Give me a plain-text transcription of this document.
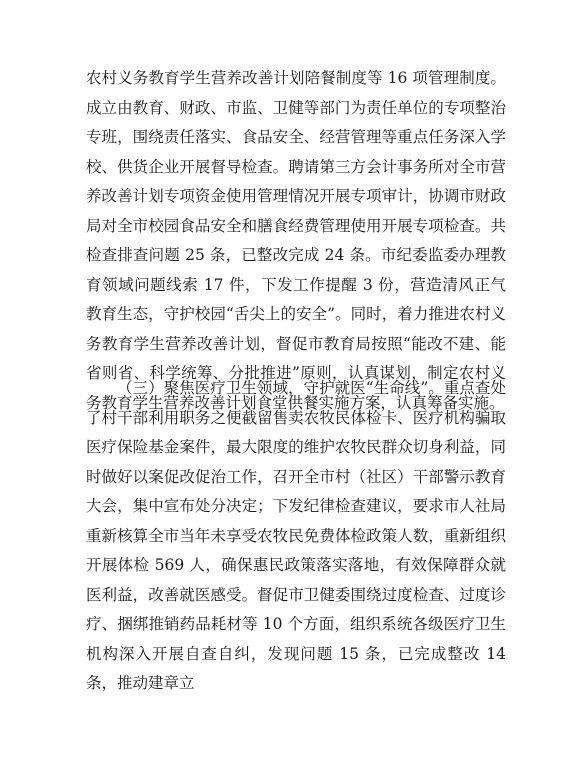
农村义务教育学生营养改善计划陪餐制度等 16 项管理制度。成立由教育、财政、市监、卫健等部门为责任单位的专项整治专班，围绕责任落实、食品安全、经营管理等重点任务深入学校、供货企业开展督导检查。聘请第三方会计事务所对全市营养改善计划专项资金使用管理情况开展专项审计，协调市财政局对全市校园食品安全和膳食经费管理使用开展专项检查。共检查排查问题 25 条，已整改完成 24 条。市纪委监委办理教育领域问题线索 17 件，下发工作提醒 3 份，营造清风正气教育生态，守护校园“舌尖上的安全”。同时，着力推进农村义务教育学生营养改善计划，督促市教育局按照“能改不建、能省则省、科学统筹、分批推进”原则，认真谋划，制定农村义务教育学生营养改善计划食堂供餐实施方案，认真筹备实施。

（三）聚焦医疗卫生领域，守护就医“生命线”。重点查处了村干部利用职务之便截留售卖农牧民体检卡、医疗机构骗取医疗保险基金案件，最大限度的维护农牧民群众切身利益，同时做好以案促改促治工作，召开全市村（社区）干部警示教育大会，集中宣布处分决定；下发纪律检查建议，要求市人社局重新核算全市当年未享受农牧民免费体检政策人数，重新组织开展体检 569 人，确保惠民政策落实落地，有效保障群众就医利益，改善就医感受。督促市卫健委围绕过度检查、过度诊疗、捆绑推销药品耗材等 10 个方面，组织系统各级医疗卫生机构深入开展自查自纠，发现问题 15 条，已完成整改 14 条，推动建章立
